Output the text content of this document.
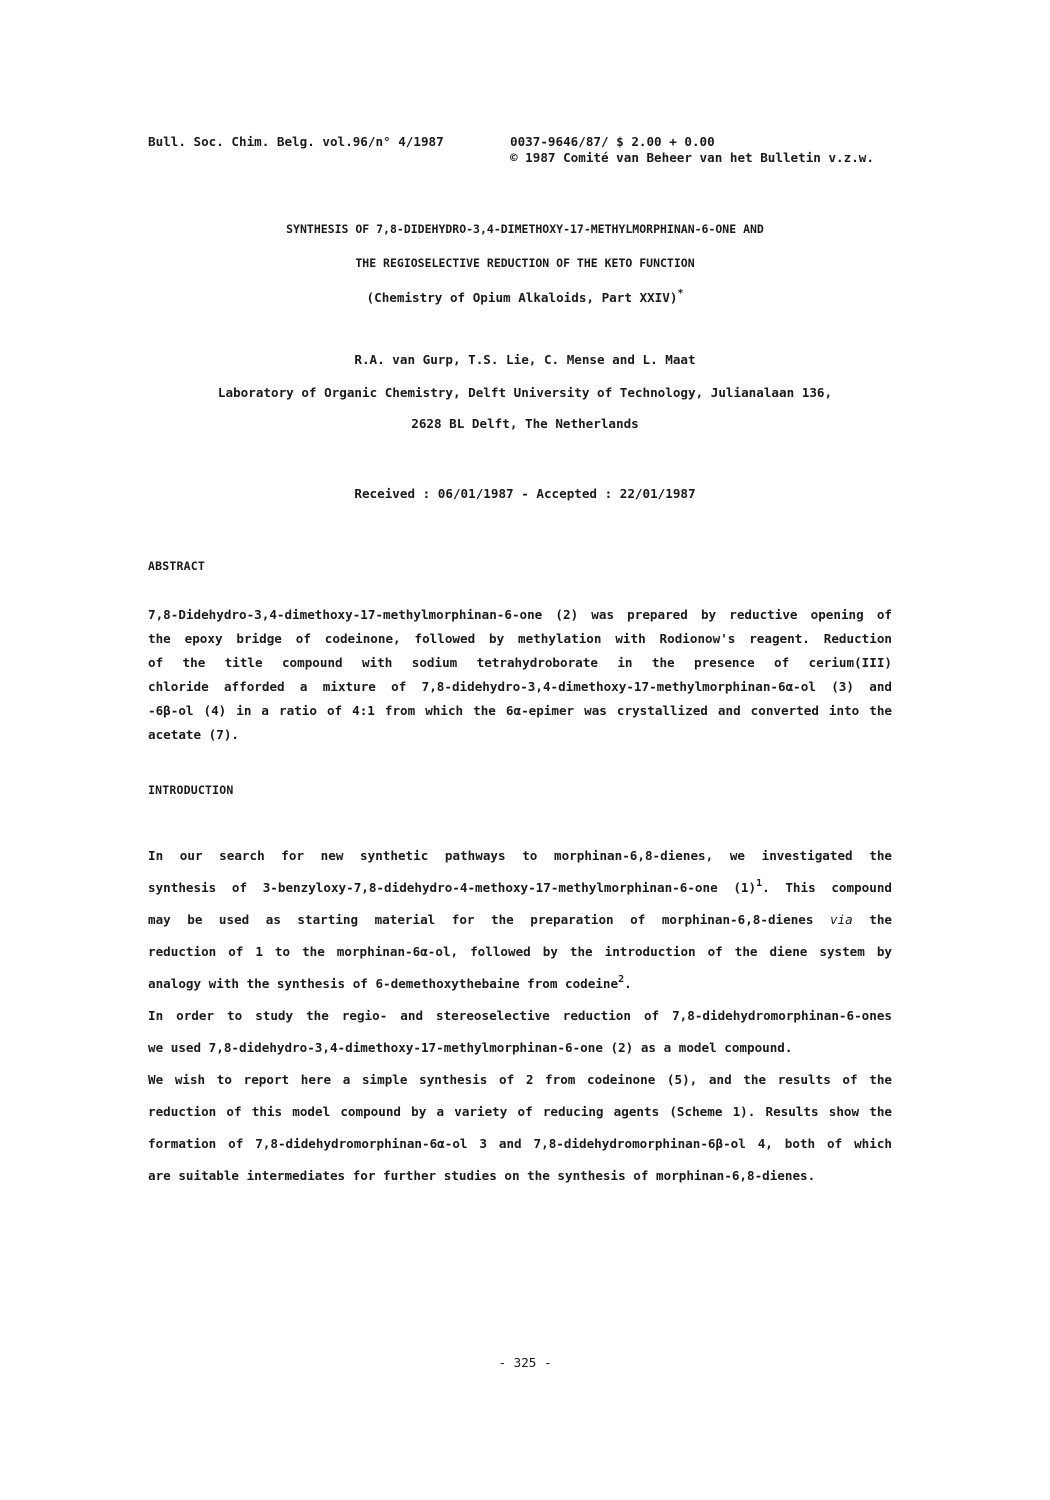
Bull. Soc. Chim. Belg. vol.96/n° 4/1987	0037-9646/87/ $ 2.00 + 0.00
© 1987 Comité van Beheer van het Bulletin v.z.w.
SYNTHESIS OF 7,8-DIDEHYDRO-3,4-DIMETHOXY-17-METHYLMORPHINAN-6-ONE AND
THE REGIOSELECTIVE REDUCTION OF THE KETO FUNCTION
(Chemistry of Opium Alkaloids, Part XXIV)*
R.A. van Gurp, T.S. Lie, C. Mense and L. Maat
Laboratory of Organic Chemistry, Delft University of Technology, Julianalaan 136,
2628 BL Delft, The Netherlands
Received : 06/01/1987 - Accepted : 22/01/1987
ABSTRACT
7,8-Didehydro-3,4-dimethoxy-17-methylmorphinan-6-one (2) was prepared by reductive opening of
the epoxy bridge of codeinone, followed by methylation with Rodionow's reagent. Reduction
of the title compound with sodium tetrahydroborate in the presence of cerium(III)
chloride afforded a mixture of 7,8-didehydro-3,4-dimethoxy-17-methylmorphinan-6α-ol (3) and
-6β-ol (4) in a ratio of 4:1 from which the 6α-epimer was crystallized and converted into the
acetate (7).
INTRODUCTION
In our search for new synthetic pathways to morphinan-6,8-dienes, we investigated the
synthesis of 3-benzyloxy-7,8-didehydro-4-methoxy-17-methylmorphinan-6-one $(1)^1$. This compound
may be used as starting material for the preparation of morphinan-6,8-dienes via the
reduction of 1 to the morphinan-6α-ol, followed by the introduction of the diene system by
analogy with the synthesis of 6-demethoxythebaine from codeine$^2$.
In order to study the regio- and stereoselective reduction of 7,8-didehydromorphinan-6-ones
we used 7,8-didehydro-3,4-dimethoxy-17-methylmorphinan-6-one (2) as a model compound.
We wish to report here a simple synthesis of 2 from codeinone (5), and the results of the
reduction of this model compound by a variety of reducing agents (Scheme 1). Results show the
formation of 7,8-didehydromorphinan-6α-ol 3 and 7,8-didehydromorphinan-6β-ol 4, both of which
are suitable intermediates for further studies on the synthesis of morphinan-6,8-dienes.
- 325 -
